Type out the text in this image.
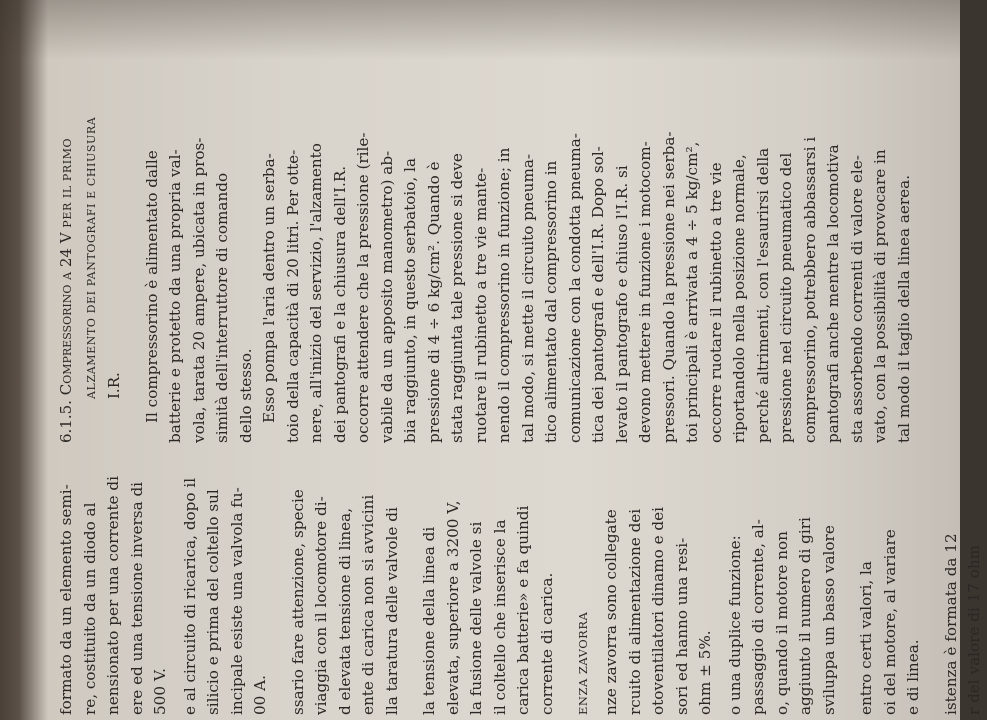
formato da un elemento semi- re, costituito da un diodo al nensionato per una corrente di ere ed una tensione inversa di 500 V. e al circuito di ricarica, dopo il silicio e prima del coltello sul incipale esiste una valvola fu- 00 A. ssario fare attenzione, specie viaggia con il locomotore di- d elevata tensione di linea, ente di carica non si avvicini lla taratura delle valvole di la tensione della linea di elevata, superiore a 3200 V, la fusione delle valvole si il coltello che inserisce la carica batterie» e fa quindi corrente di carica.	ENZA ZAVORRA nze zavorra sono collegate rcuito di alimentazione dei otoventilatori dinamo e dei sori ed hanno una resi- ohm ± 5%. o una duplice funzione: passaggio di corrente, al- o, quando il motore non aggiunto il numero di giri sviluppa un basso valore entro certi valori, la oi del motore, al variare e di linea. istenza è formata da 12 r del valore di 17 ohm
6.1.5. Compressorino a 24 V PER IL PRIMO ALZAMENTO DEI PANTOGRAFI E CHIUSURA I.R. Il compressorino è alimentato dalle batterie e protetto da una propria val- vola, tarata 20 ampere, ubicata in pros- simità dell'interruttore di comando dello stesso. Esso pompa l'aria dentro un serba- toio della capacità di 20 litri. Per otte- nere, all'inizio del servizio, l'alzamento dei pantografi e la chiusura dell'I.R. occorre attendere che la pressione (rile- vabile da un apposito manometro) ab- bia raggiunto, in questo serbatoio, la pressione di 4 ÷ 6 kg/cm². Quando è stata raggiunta tale pressione si deve ruotare il rubinetto a tre vie mante- nendo il compressorino in funzione; in tal modo, si mette il circuito pneuma- tico alimentato dal compressorino in comunicazione con la condotta pneuma- tica dei pantografi e dell'I.R. Dopo sol- levato il pantografo e chiuso l'I.R. si devono mettere in funzione i motocom- pressori. Quando la pressione nei serba- toi principali è arrivata a 4 ÷ 5 kg/cm², occorre ruotare il rubinetto a tre vie riportandolo nella posizione normale, perché altrimenti, con l'esaurirsi della pressione nel circuito pneumatico del compressorino, potrebbero abbassarsi i pantografi anche mentre la locomotiva sta assorbendo correnti di valore ele- vato, con la possibilità di provocare in tal modo il taglio della linea aerea.
